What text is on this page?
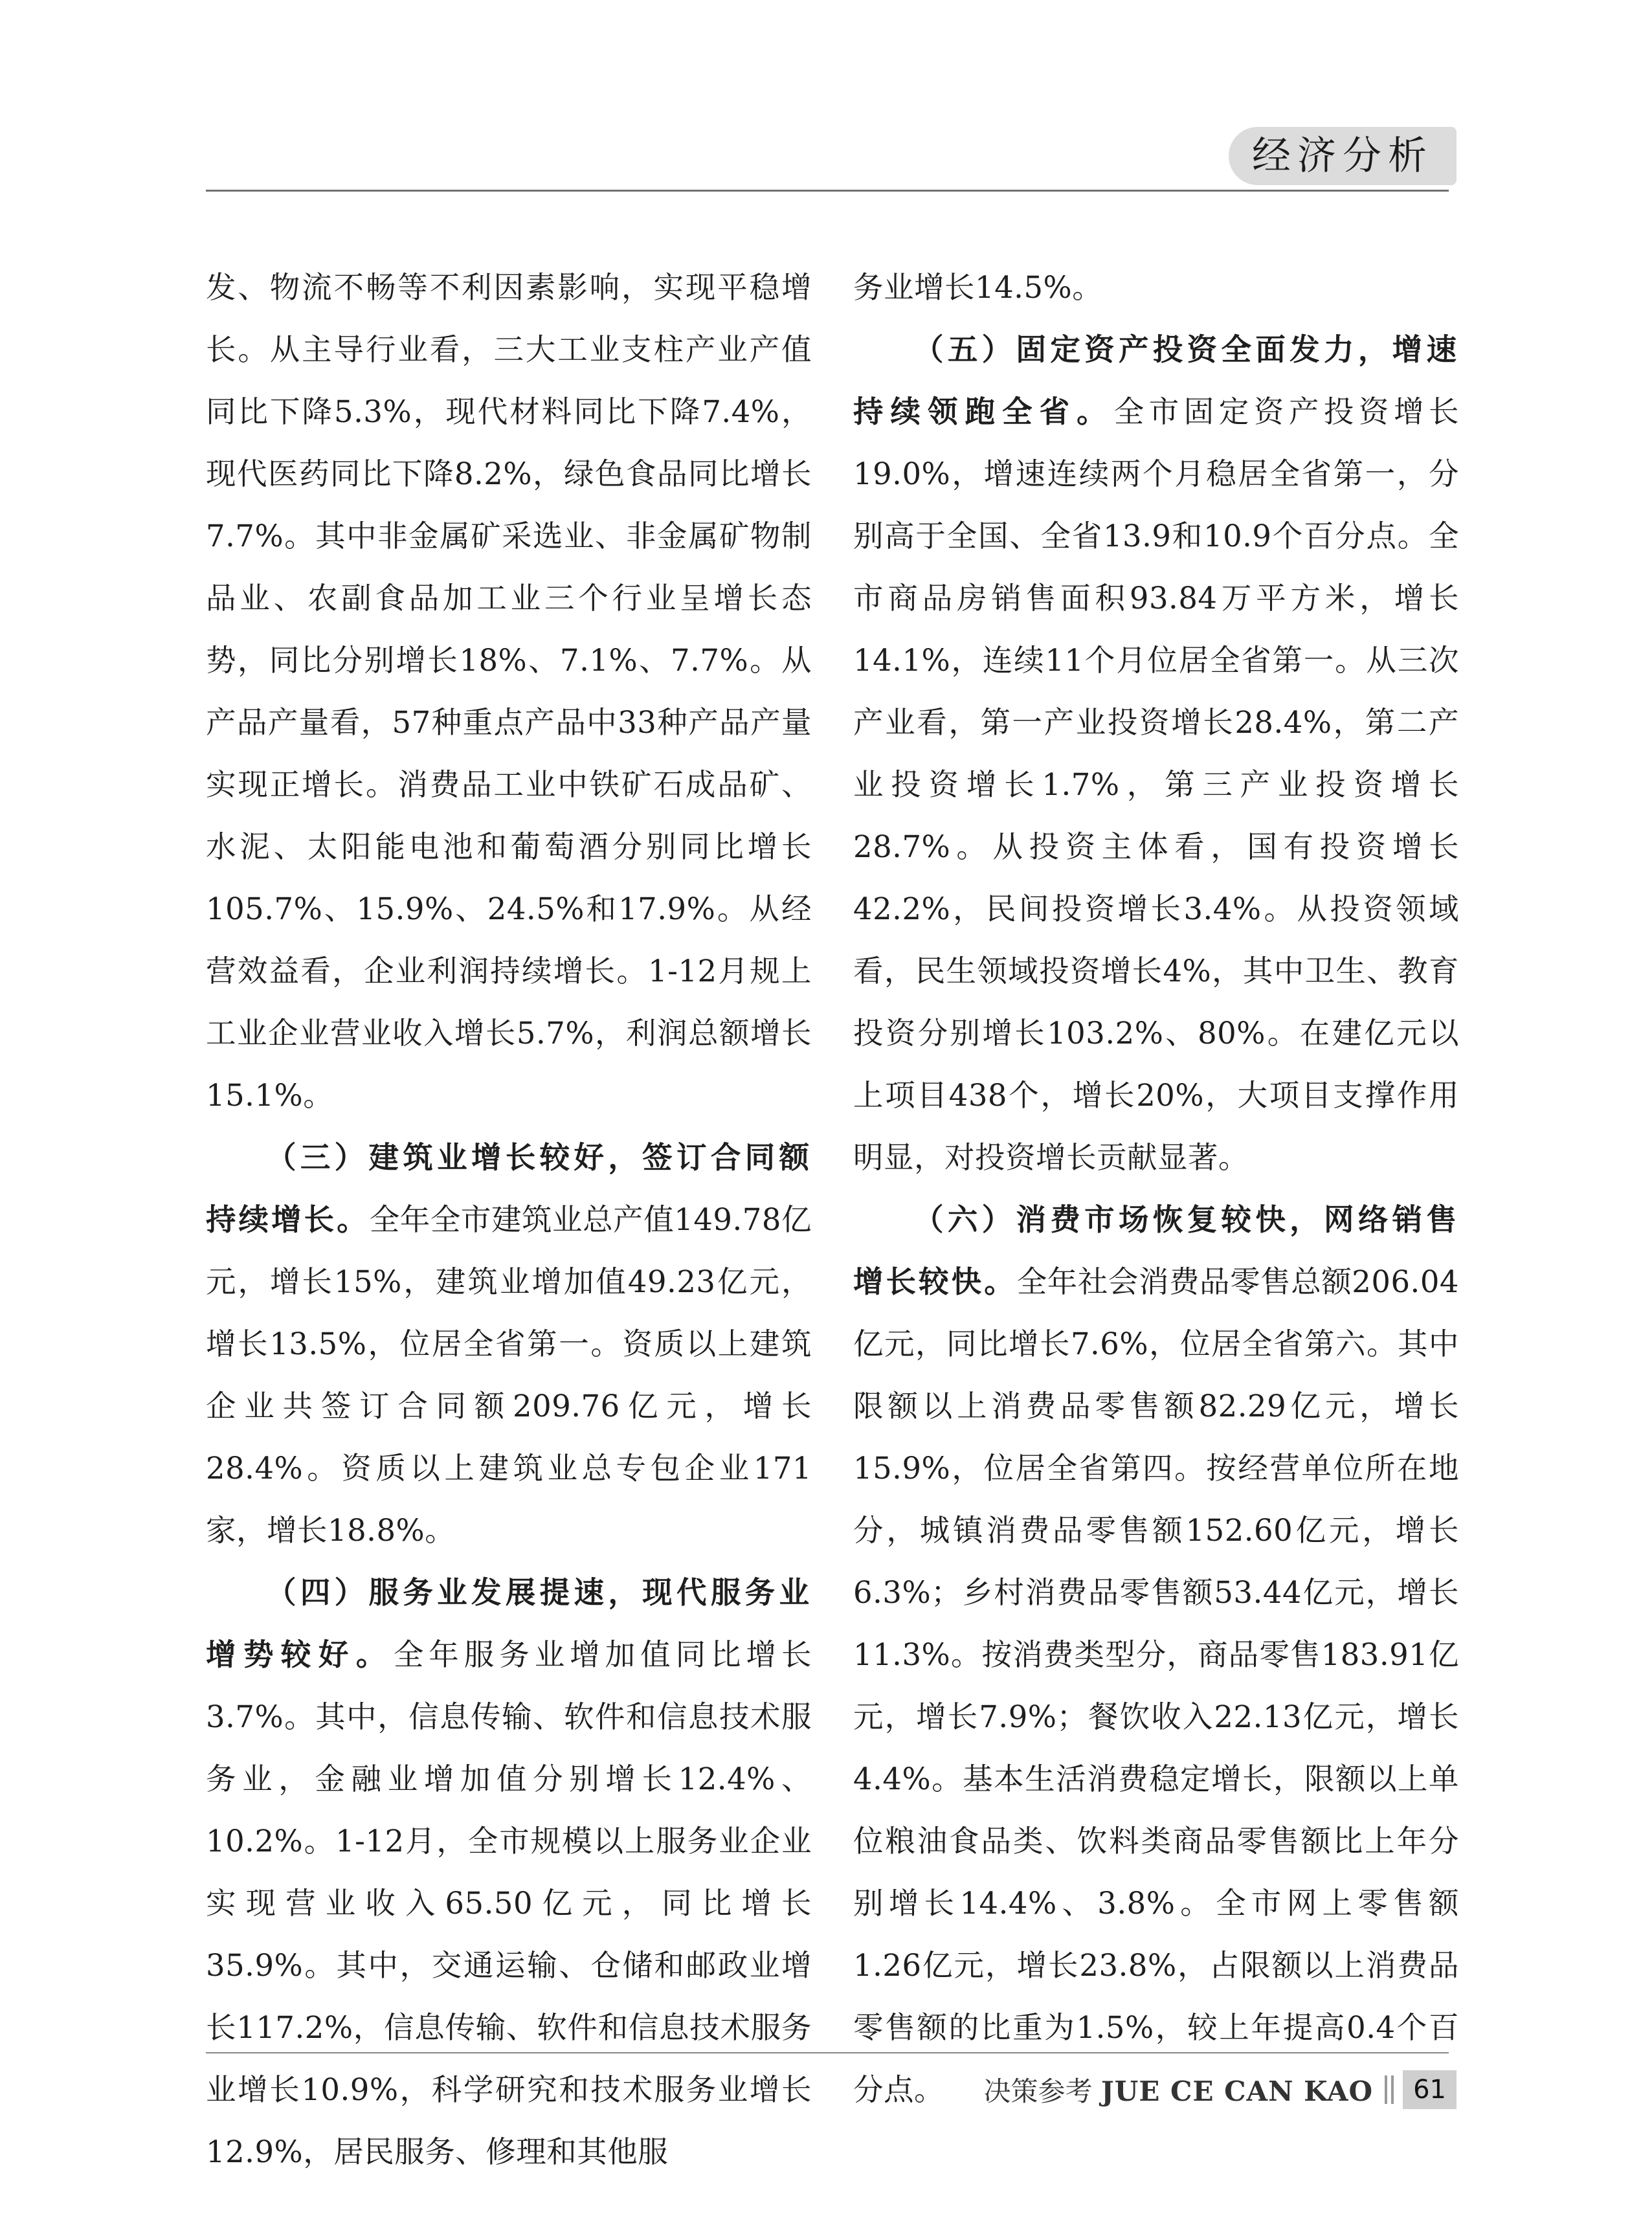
经济分析

发、物流不畅等不利因素影响，实现平稳增长。从主导行业看，三大工业支柱产业产值同比下降5.3%，现代材料同比下降7.4%，现代医药同比下降8.2%，绿色食品同比增长7.7%。其中非金属矿采选业、非金属矿物制品业、农副食品加工业三个行业呈增长态势，同比分别增长18%、7.1%、7.7%。从产品产量看，57种重点产品中33种产品产量实现正增长。消费品工业中铁矿石成品矿、水泥、太阳能电池和葡萄酒分别同比增长105.7%、15.9%、24.5%和17.9%。从经营效益看，企业利润持续增长。1-12月规上工业企业营业收入增长5.7%，利润总额增长15.1%。

（三）建筑业增长较好，签订合同额持续增长。全年全市建筑业总产值149.78亿元，增长15%，建筑业增加值49.23亿元，增长13.5%，位居全省第一。资质以上建筑企业共签订合同额209.76亿元，增长28.4%。资质以上建筑业总专包企业171家，增长18.8%。

（四）服务业发展提速，现代服务业增势较好。全年服务业增加值同比增长3.7%。其中，信息传输、软件和信息技术服务业，金融业增加值分别增长12.4%、10.2%。1-12月，全市规模以上服务业企业实现营业收入65.50亿元，同比增长35.9%。其中，交通运输、仓储和邮政业增长117.2%，信息传输、软件和信息技术服务业增长10.9%，科学研究和技术服务业增长12.9%，居民服务、修理和其他服

务业增长14.5%。

（五）固定资产投资全面发力，增速持续领跑全省。全市固定资产投资增长19.0%，增速连续两个月稳居全省第一，分别高于全国、全省13.9和10.9个百分点。全市商品房销售面积93.84万平方米，增长14.1%，连续11个月位居全省第一。从三次产业看，第一产业投资增长28.4%，第二产业投资增长1.7%，第三产业投资增长28.7%。从投资主体看，国有投资增长42.2%，民间投资增长3.4%。从投资领域看，民生领域投资增长4%，其中卫生、教育投资分别增长103.2%、80%。在建亿元以上项目438个，增长20%，大项目支撑作用明显，对投资增长贡献显著。

（六）消费市场恢复较快，网络销售增长较快。全年社会消费品零售总额206.04亿元，同比增长7.6%，位居全省第六。其中限额以上消费品零售额82.29亿元，增长15.9%，位居全省第四。按经营单位所在地分，城镇消费品零售额152.60亿元，增长6.3%；乡村消费品零售额53.44亿元，增长11.3%。按消费类型分，商品零售183.91亿元，增长7.9%；餐饮收入22.13亿元，增长4.4%。基本生活消费稳定增长，限额以上单位粮油食品类、饮料类商品零售额比上年分别增长14.4%、3.8%。全市网上零售额1.26亿元，增长23.8%，占限额以上消费品零售额的比重为1.5%，较上年提高0.4个百分点。	决策参考 JUE CE CAN KAO	61
